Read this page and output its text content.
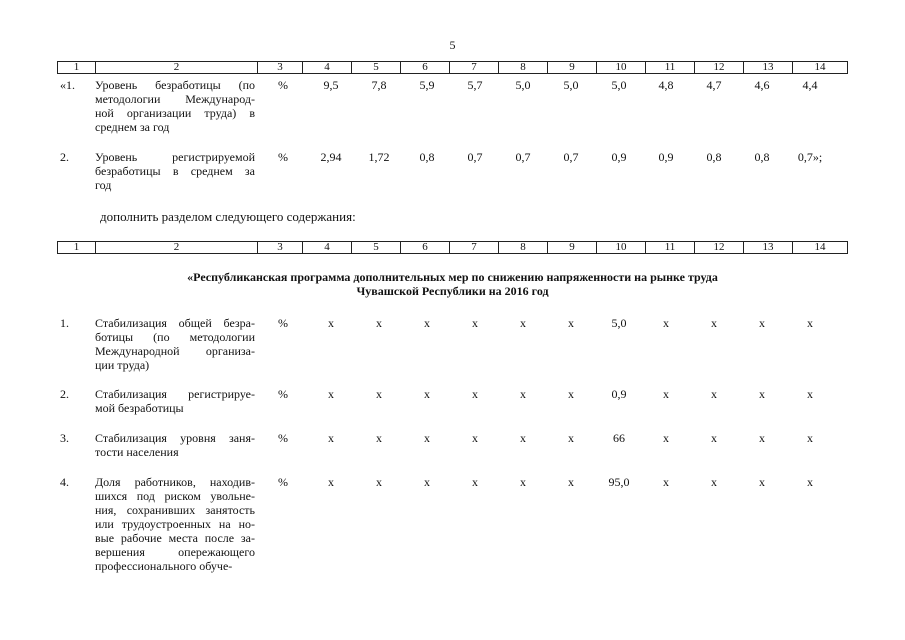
5
1	2	3	4	5	6	7	8	9	10	11	12	13	14
«1.	Уровень безработицы (по
методологии Международ-
ной организации труда) в
среднем за год
%	9,5	7,8	5,9	5,7	5,0	5,0	5,0	4,8	4,7	4,6	4,4
2.	Уровень регистрируемой
безработицы в среднем за
год
%	2,94	1,72	0,8	0,7	0,7	0,7	0,9	0,9	0,8	0,8	0,7»;
дополнить разделом следующего содержания:
1	2	3	4	5	6	7	8	9	10	11	12	13	14
«Республиканская программа дополнительных мер по снижению напряженности на рынке труда
Чувашской Республики на 2016 год
1.	Стабилизация общей безра-
ботицы (по методологии
Международной организа-
ции труда)
%	х	х	х	х	х	х	5,0	х	х	х	х
2.	Стабилизация регистрируе-
мой безработицы
%	х	х	х	х	х	х	0,9	х	х	х	х
3.	Стабилизация уровня заня-
тости населения
%	х	х	х	х	х	х	66	х	х	х	х
4.	Доля работников, находив-
шихся под риском увольне-
ния, сохранивших занятость
или трудоустроенных на но-
вые рабочие места после за-
вершения опережающего
профессионального обуче-
%	х	х	х	х	х	х	95,0	х	х	х	х
